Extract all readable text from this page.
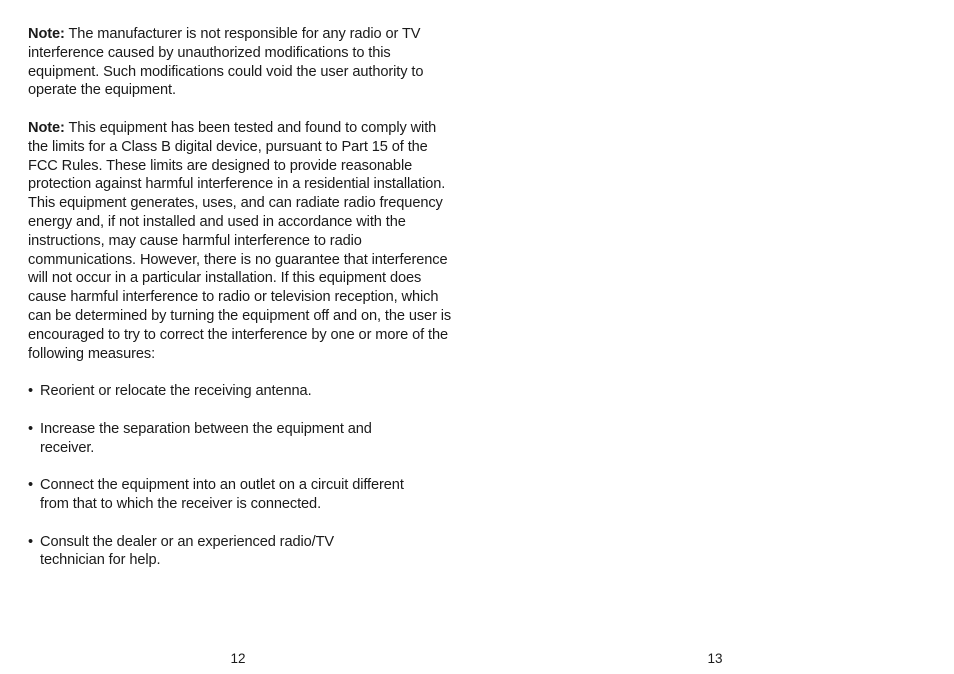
Note: The manufacturer is not responsible for any radio or TV interference caused by unauthorized modifications to this equipment. Such modifications could void the user authority to operate the equipment.

Note: This equipment has been tested and found to comply with the limits for a Class B digital device, pursuant to Part 15 of the FCC Rules. These limits are designed to provide reasonable protection against harmful interference in a residential installation. This equipment generates, uses, and can radiate radio frequency energy and, if not installed and used in accordance with the instructions, may cause harmful interference to radio communications. However, there is no guarantee that interference will not occur in a particular installation. If this equipment does cause harmful interference to radio or television reception, which can be determined by turning the equipment off and on, the user is encouraged to try to correct the interference by one or more of the following measures:

• Reorient or relocate the receiving antenna.

• Increase the separation between the equipment and receiver.

• Connect the equipment into an outlet on a circuit different from that to which the receiver is connected.

• Consult the dealer or an experienced radio/TV technician for help.

12	13
